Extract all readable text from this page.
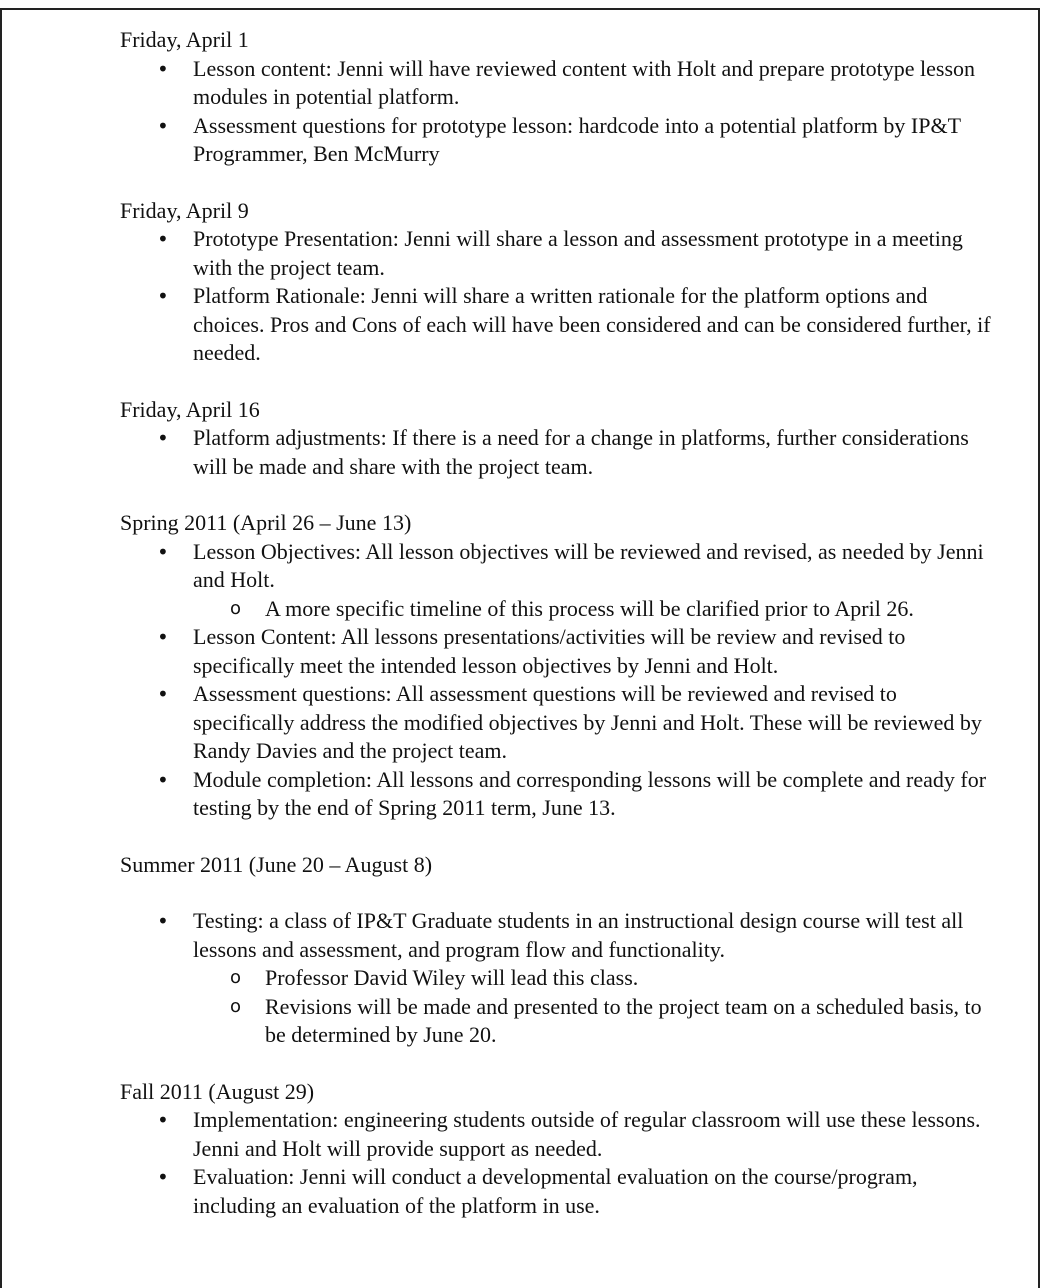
Friday, April 1
• Lesson content: Jenni will have reviewed content with Holt and prepare prototype lesson modules in potential platform.
• Assessment questions for prototype lesson: hardcode into a potential platform by IP&T Programmer, Ben McMurry
Friday, April 9
• Prototype Presentation: Jenni will share a lesson and assessment prototype in a meeting with the project team.
• Platform Rationale: Jenni will share a written rationale for the platform options and choices. Pros and Cons of each will have been considered and can be considered further, if needed.
Friday, April 16
• Platform adjustments: If there is a need for a change in platforms, further considerations will be made and share with the project team.
Spring 2011 (April 26 – June 13)
• Lesson Objectives: All lesson objectives will be reviewed and revised, as needed by Jenni and Holt.
o A more specific timeline of this process will be clarified prior to April 26.
• Lesson Content: All lessons presentations/activities will be review and revised to specifically meet the intended lesson objectives by Jenni and Holt.
• Assessment questions: All assessment questions will be reviewed and revised to specifically address the modified objectives by Jenni and Holt. These will be reviewed by Randy Davies and the project team.
• Module completion: All lessons and corresponding lessons will be complete and ready for testing by the end of Spring 2011 term, June 13.
Summer 2011 (June 20 – August 8)
• Testing: a class of IP&T Graduate students in an instructional design course will test all lessons and assessment, and program flow and functionality.
o Professor David Wiley will lead this class.
o Revisions will be made and presented to the project team on a scheduled basis, to be determined by June 20.
Fall 2011 (August 29)
• Implementation: engineering students outside of regular classroom will use these lessons. Jenni and Holt will provide support as needed.
• Evaluation: Jenni will conduct a developmental evaluation on the course/program, including an evaluation of the platform in use.
